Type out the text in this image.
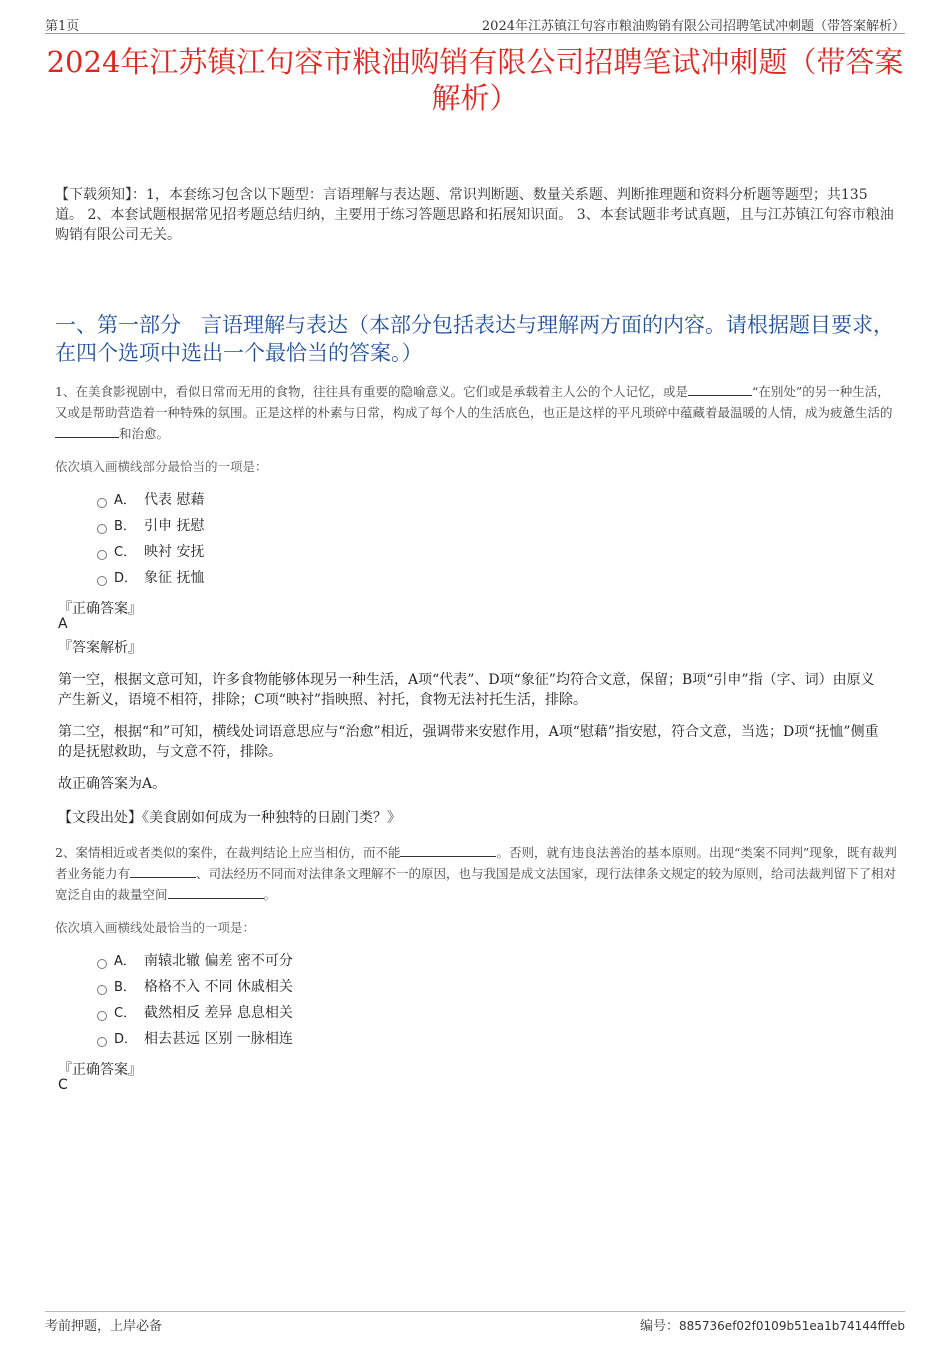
第1页	2024年江苏镇江句容市粮油购销有限公司招聘笔试冲刺题（带答案解析）
2024年江苏镇江句容市粮油购销有限公司招聘笔试冲刺题（带答案解析）
【下载须知】：1，本套练习包含以下题型：言语理解与表达题、常识判断题、数量关系题、判断推理题和资料分析题等题型；共135道。 2、本套试题根据常见招考题总结归纳，主要用于练习答题思路和拓展知识面。 3、本套试题非考试真题，且与江苏镇江句容市粮油购销有限公司无关。
一、第一部分 言语理解与表达（本部分包括表达与理解两方面的内容。请根据题目要求，在四个选项中选出一个最恰当的答案。）
1、在美食影视剧中，看似日常而无用的食物，往往具有重要的隐喻意义。它们或是承载着主人公的个人记忆，或是	“在别处”的另一种生活，又或是帮助营造着一种特殊的氛围。正是这样的朴素与日常，构成了每个人的生活底色，也正是这样的平凡琐碎中蕴藏着最温暖的人情，成为疲惫生活的和治愈。
依次填入画横线部分最恰当的一项是：
A． 代表 慰藉
B． 引申 抚慰
C． 映衬 安抚
D． 象征 抚恤
『正确答案』
A
『答案解析』
第一空，根据文意可知，许多食物能够体现另一种生活，A项“代表”、D项“象征”均符合文意，保留；B项“引申”指（字、词）由原义产生新义，语境不相符，排除；C项“映衬”指映照、衬托，食物无法衬托生活，排除。
第二空，根据“和”可知，横线处词语意思应与“治愈”相近，强调带来安慰作用，A项“慰藉”指安慰，符合文意，当选；D项“抚恤”侧重的是抚慰救助，与文意不符，排除。
故正确答案为A。
【文段出处】《美食剧如何成为一种独特的日剧门类？》
2、案情相近或者类似的案件，在裁判结论上应当相仿，而不能	。否则，就有违良法善治的基本原则。出现“类案不同判”现象，既有裁判者业务能力有	、司法经历不同而对法律条文理解不一的原因，也与我国是成文法国家，现行法律条文规定的较为原则，给司法裁判留下了相对宽泛自由的裁量空间	。
依次填入画横线处最恰当的一项是：
A． 南辕北辙 偏差 密不可分
B． 格格不入 不同 休戚相关
C． 截然相反 差异 息息相关
D． 相去甚远 区别 一脉相连
『正确答案』
C
考前押题，上岸必备	编号：885736ef02f0109b51ea1b74144fffeb
